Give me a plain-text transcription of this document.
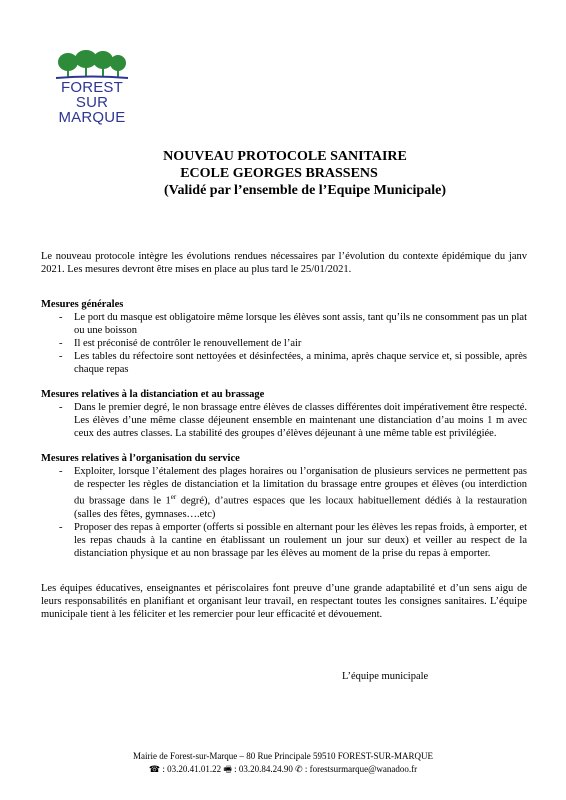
FOREST
SUR
MARQUE
NOUVEAU PROTOCOLE SANITAIRE
ECOLE GEORGES BRASSENS
(Validé par l’ensemble de l’Equipe Municipale)

Le nouveau protocole intègre les évolutions rendues nécessaires par l’évolution du contexte épidémique du janv 2021. Les mesures devront être mises en place au plus tard le 25/01/2021.

Mesures générales

- Le port du masque est obligatoire même lorsque les élèves sont assis, tant qu’ils ne consomment pas un plat ou une boisson
- Il est préconisé de contrôler le renouvellement de l’air
- Les tables du réfectoire sont nettoyées et désinfectées, a minima, après chaque service et, si possible, après chaque repas

Mesures relatives à la distanciation et au brassage

- Dans le premier degré, le non brassage entre élèves de classes différentes doit impérativement être respecté. Les élèves d’une même classe déjeunent ensemble en maintenant une distanciation d’au moins 1 m avec ceux des autres classes. La stabilité des groupes d’élèves déjeunant à une même table est privilégiée.

Mesures relatives à l’organisation du service

- Exploiter, lorsque l’étalement des plages horaires ou l’organisation de plusieurs services ne permettent pas de respecter les règles de distanciation et la limitation du brassage entre groupes et élèves (ou interdiction du brassage dans le 1er degré), d’autres espaces que les locaux habituellement dédiés à la restauration (salles des fêtes, gymnases….etc)
- Proposer des repas à emporter (offerts si possible en alternant pour les élèves les repas froids, à emporter, et les repas chauds à la cantine en établissant un roulement un jour sur deux) et veiller au respect de la distanciation physique et au non brassage par les élèves au moment de la prise du repas à emporter.

Les équipes éducatives, enseignantes et périscolaires font preuve d’une grande adaptabilité et d’un sens aigu de leurs responsabilités en planifiant et organisant leur travail, en respectant toutes les consignes sanitaires. L’équipe municipale tient à les féliciter et les remercier pour leur efficacité et dévouement.

L’équipe municipale
Mairie de Forest-sur-Marque – 80 Rue Principale 59510 FOREST-SUR-MARQUE
☎ : 03.20.41.01.22 🖷 : 03.20.84.24.90 ✆ : forestsurmarque@wanadoo.fr
